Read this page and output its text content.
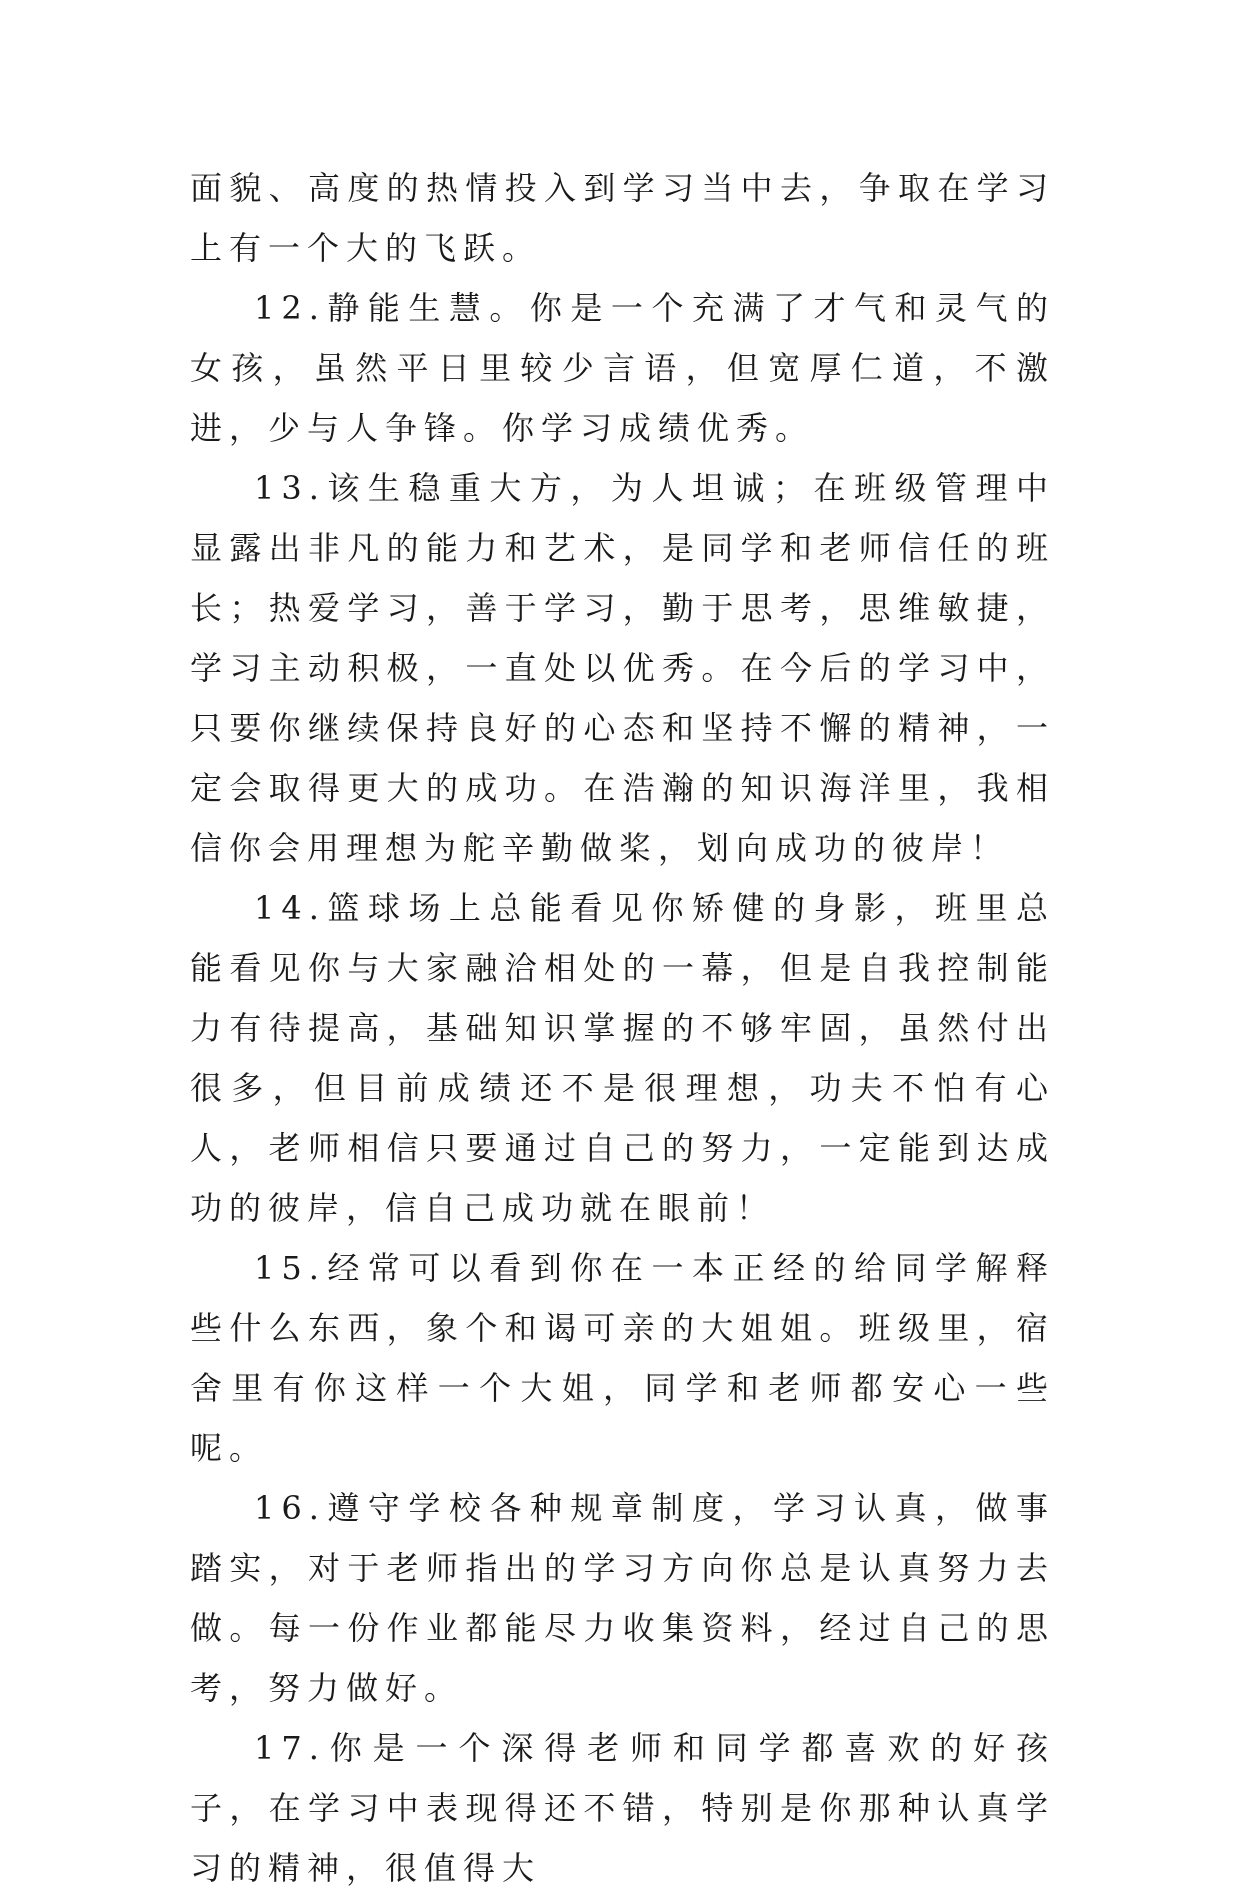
面貌、高度的热情投入到学习当中去，争取在学习上有一个大的飞跃。

12.静能生慧。你是一个充满了才气和灵气的女孩，虽然平日里较少言语，但宽厚仁道，不激进，少与人争锋。你学习成绩优秀。

13.该生稳重大方，为人坦诚；在班级管理中显露出非凡的能力和艺术，是同学和老师信任的班长；热爱学习，善于学习，勤于思考，思维敏捷，学习主动积极，一直处以优秀。在今后的学习中，只要你继续保持良好的心态和坚持不懈的精神，一定会取得更大的成功。在浩瀚的知识海洋里，我相信你会用理想为舵辛勤做桨，划向成功的彼岸！

14.篮球场上总能看见你矫健的身影，班里总能看见你与大家融洽相处的一幕，但是自我控制能力有待提高，基础知识掌握的不够牢固，虽然付出很多，但目前成绩还不是很理想，功夫不怕有心人，老师相信只要通过自己的努力，一定能到达成功的彼岸，信自己成功就在眼前！

15.经常可以看到你在一本正经的给同学解释些什么东西，象个和谒可亲的大姐姐。班级里，宿舍里有你这样一个大姐，同学和老师都安心一些呢。

16.遵守学校各种规章制度，学习认真，做事踏实，对于老师指出的学习方向你总是认真努力去做。每一份作业都能尽力收集资料，经过自己的思考，努力做好。

17.你是一个深得老师和同学都喜欢的好孩子，在学习中表现得还不错，特别是你那种认真学习的精神，很值得大
